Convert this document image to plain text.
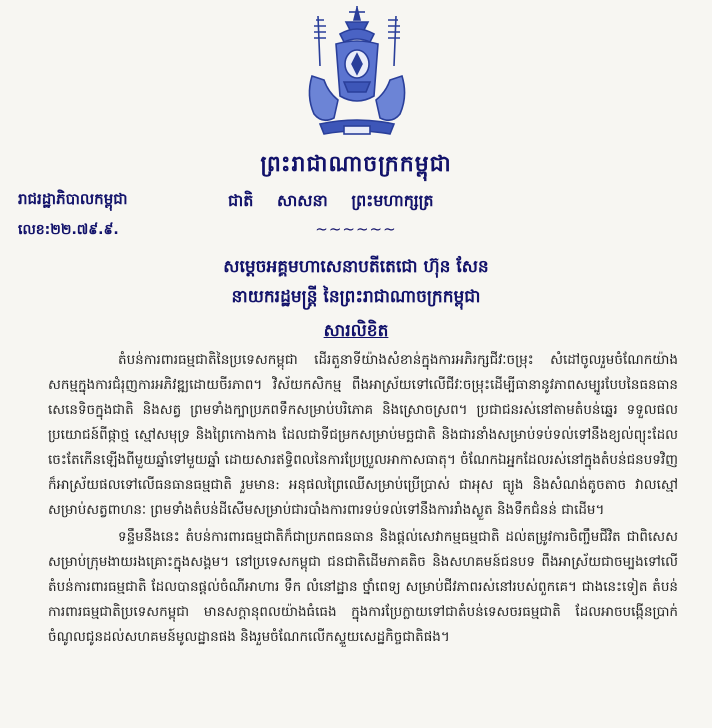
ព្រះរាជាណាចក្រកម្ពុជា
រាជរដ្ឋាភិបាលកម្ពុជា	ជាតិ សាសនា ព្រះមហាក្សត្រ
លេខ:២២.៧៩.៩.	~~~~~~
សម្តេចអគ្គមហាសេនាបតីតេជោ ហ៊ុន សែន
នាយករដ្ឋមន្ត្រី នៃព្រះរាជាណាចក្រកម្ពុជា
សារលិខិត

តំបន់ការពារធម្មជាតិនៃប្រទេសកម្ពុជា ដើរតួនាទីយ៉ាងសំខាន់ក្នុងការអភិរក្សជីវៈចម្រុះ សំដៅចូលរួមចំណែកយ៉ាងសកម្មក្នុងការជំរុញការអភិវឌ្ឍដោយចីរភាព។ វិស័យកសិកម្ម ពឹងអាស្រ័យទៅលើជីវៈចម្រុះដើម្បីធានានូវភាពសម្បូរបែបនៃធនធានសេនេទិចក្នុងជាតិ និងសត្វ ព្រមទាំងក្បាប្រភពទឹកសម្រាប់បរិភោគ និងស្រោចស្រព។ ប្រជាជនរស់នៅតាមតំបន់ឆ្នេរ ទទួលផលប្រយោជន៍ពីផ្កាថ្ម ស្មៅសមុទ្រ និងព្រៃកោងកាង ដែលជាទីជម្រកសម្រាប់មច្ឆជាតិ និងជារនាំងសម្រាប់ទប់ទល់ទៅនឹងខ្យល់ព្យុះដែលចេះតែកើនឡើងពីមួយឆ្នាំទៅមួយឆ្នាំ ដោយសារឥទ្ធិពលនៃការប្រែប្រួលអាកាសធាតុ។ ចំណែកឯអ្នកដែលរស់នៅក្នុងតំបន់ជនបទវិញ ក៏អាស្រ័យផលទៅលើធនធានធម្មជាតិ រួមមាន: អនុផលព្រៃឈើសម្រាប់ប្រើប្រាស់ ជាអុស ធ្យូង និងសំណង់តូចតាច វាលស្មៅសម្រាប់សត្វពាហនៈ ព្រមទាំងតំបន់ដីសើមសម្រាប់ជារបាំងការពារទប់ទល់ទៅនឹងការរាំងស្ងួត និងទឹកជំនន់ ជាដើម។

ទន្ទឹមនឹងនេះ តំបន់ការពារធម្មជាតិក៏ជាប្រភពធនធាន និងផ្តល់សេវាកម្មធម្មជាតិ ដល់តម្រូវការចិញ្ចឹមជីវិត ជាពិសេសសម្រាប់ក្រុមងាយរងគ្រោះក្នុងសង្គម។ នៅប្រទេសកម្ពុជា ជនជាតិដើមភាគតិច និងសហគមន៍ជនបទ ពឹងអាស្រ័យជាចម្បងទៅលើតំបន់ការពារធម្មជាតិ ដែលបានផ្តល់ចំណីអាហារ ទឹក លំនៅដ្ឋាន ថ្នាំពេទ្យ សម្រាប់ជីវភាពរស់នៅរបស់ពួកគេ។ ជាងនេះទៀត តំបន់ការពារធម្មជាតិប្រទេសកម្ពុជា មានសក្តានុពលយ៉ាងធំធេង ក្នុងការប្រែក្លាយទៅជាតំបន់ទេសចរធម្មជាតិ ដែលអាចបង្កើនប្រាក់ចំណូលជូនដល់សហគមន៍មូលដ្ឋានផង និងរួមចំណែកលើកស្ទួយសេដ្ឋកិច្ចជាតិផង។
